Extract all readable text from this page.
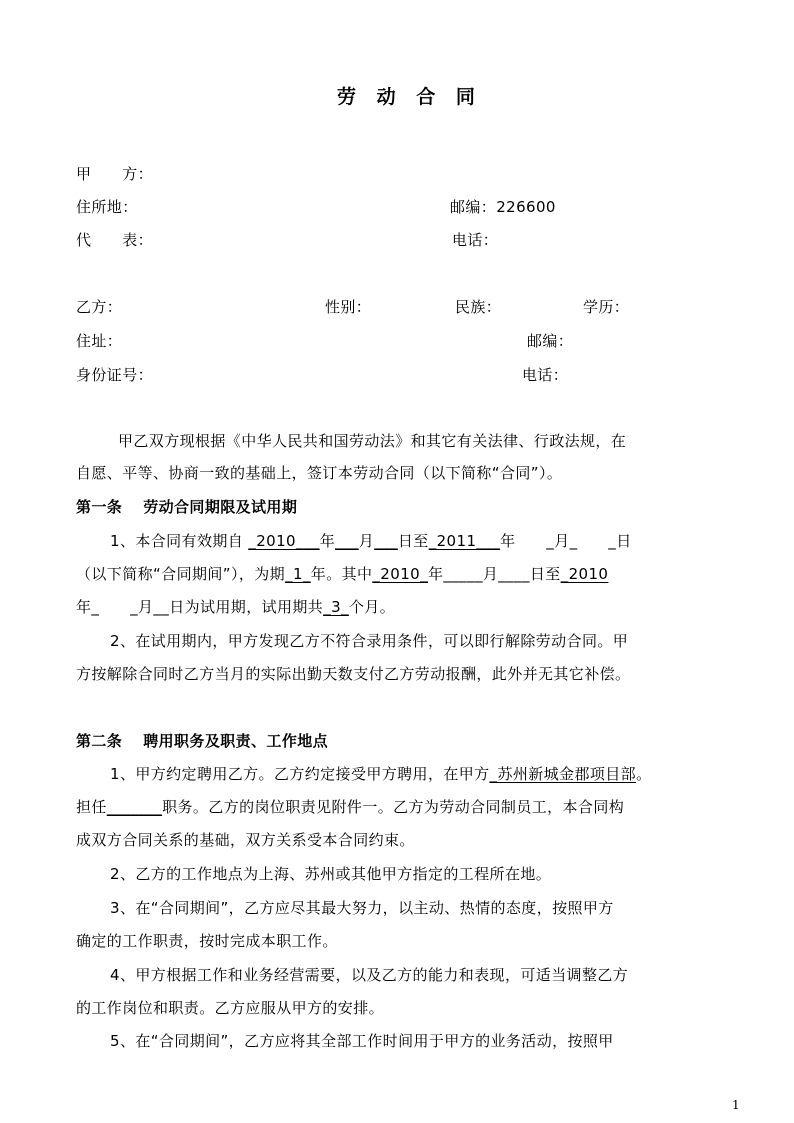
劳 动 合 同
甲　　方：
住所地：	邮编：226600
代　　表：	电话：
乙方：	性别：	民族：	学历：
住址：	邮编：
身份证号：	电话：
甲乙双方现根据《中华人民共和国劳动法》和其它有关法律、行政法规，在
自愿、平等、协商一致的基础上，签订本劳动合同（以下简称“合同”）。
第一条　 劳动合同期限及试用期
1、本合同有效期自 _2010___年___月___日至_2011___年　　_月_　　_日
（以下简称“合同期间”），为期_1_年。其中_2010_年_____月____日至_2010
年_　　_月__日为试用期，试用期共_3_个月。
2、在试用期内，甲方发现乙方不符合录用条件，可以即行解除劳动合同。甲
方按解除合同时乙方当月的实际出勤天数支付乙方劳动报酬，此外并无其它补偿。
第二条　 聘用职务及职责、工作地点
1、甲方约定聘用乙方。乙方约定接受甲方聘用，在甲方_苏州新城金郡项目部。
担任_______职务。乙方的岗位职责见附件一。乙方为劳动合同制员工，本合同构
成双方合同关系的基础，双方关系受本合同约束。
2、乙方的工作地点为上海、苏州或其他甲方指定的工程所在地。
3、在“合同期间”，乙方应尽其最大努力，以主动、热情的态度，按照甲方
确定的工作职责，按时完成本职工作。
4、甲方根据工作和业务经营需要，以及乙方的能力和表现，可适当调整乙方
的工作岗位和职责。乙方应服从甲方的安排。
5、在“合同期间”，乙方应将其全部工作时间用于甲方的业务活动，按照甲
1
